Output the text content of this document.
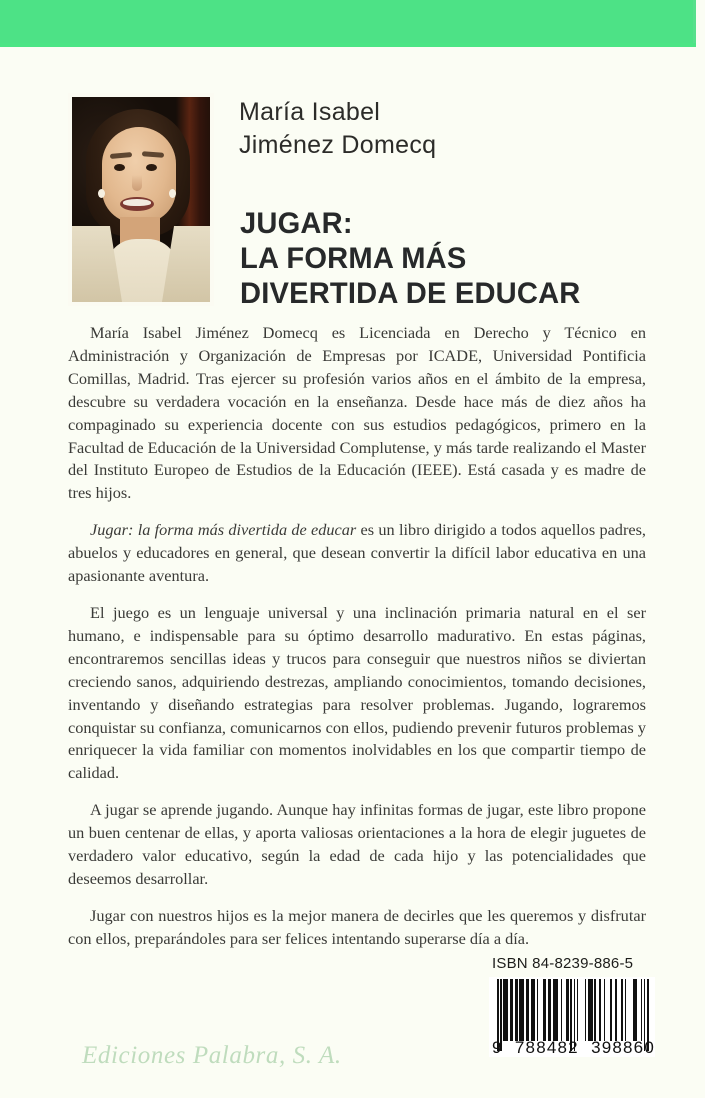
María Isabel
Jiménez Domecq
JUGAR:
LA FORMA MÁS
DIVERTIDA DE EDUCAR

María Isabel Jiménez Domecq es Licenciada en Derecho y Técnico en Administración y Organización de Empresas por ICADE, Universidad Pontificia Comillas, Madrid. Tras ejercer su profesión varios años en el ámbito de la empresa, descubre su verdadera vocación en la enseñanza. Desde hace más de diez años ha compaginado su experiencia docente con sus estudios pedagógicos, primero en la Facultad de Educación de la Universidad Complutense, y más tarde realizando el Master del Instituto Europeo de Estudios de la Educación (IEEE). Está casada y es madre de tres hijos.

Jugar: la forma más divertida de educar es un libro dirigido a todos aquellos padres, abuelos y educadores en general, que desean convertir la difícil labor educativa en una apasionante aventura.

El juego es un lenguaje universal y una inclinación primaria natural en el ser humano, e indispensable para su óptimo desarrollo madurativo. En estas páginas, encontraremos sencillas ideas y trucos para conseguir que nuestros niños se diviertan creciendo sanos, adquiriendo destrezas, ampliando conocimientos, tomando decisiones, inventando y diseñando estrategias para resolver problemas. Jugando, lograremos conquistar su confianza, comunicarnos con ellos, pudiendo prevenir futuros problemas y enriquecer la vida familiar con momentos inolvidables en los que compartir tiempo de calidad.

A jugar se aprende jugando. Aunque hay infinitas formas de jugar, este libro propone un buen centenar de ellas, y aporta valiosas orientaciones a la hora de elegir juguetes de verdadero valor educativo, según la edad de cada hijo y las potencialidades que deseemos desarrollar.

Jugar con nuestros hijos es la mejor manera de decirles que les queremos y disfrutar con ellos, preparándoles para ser felices intentando superarse día a día.

ISBN 84-8239-886-5
9 788482 398860
Ediciones Palabra, S. A.
